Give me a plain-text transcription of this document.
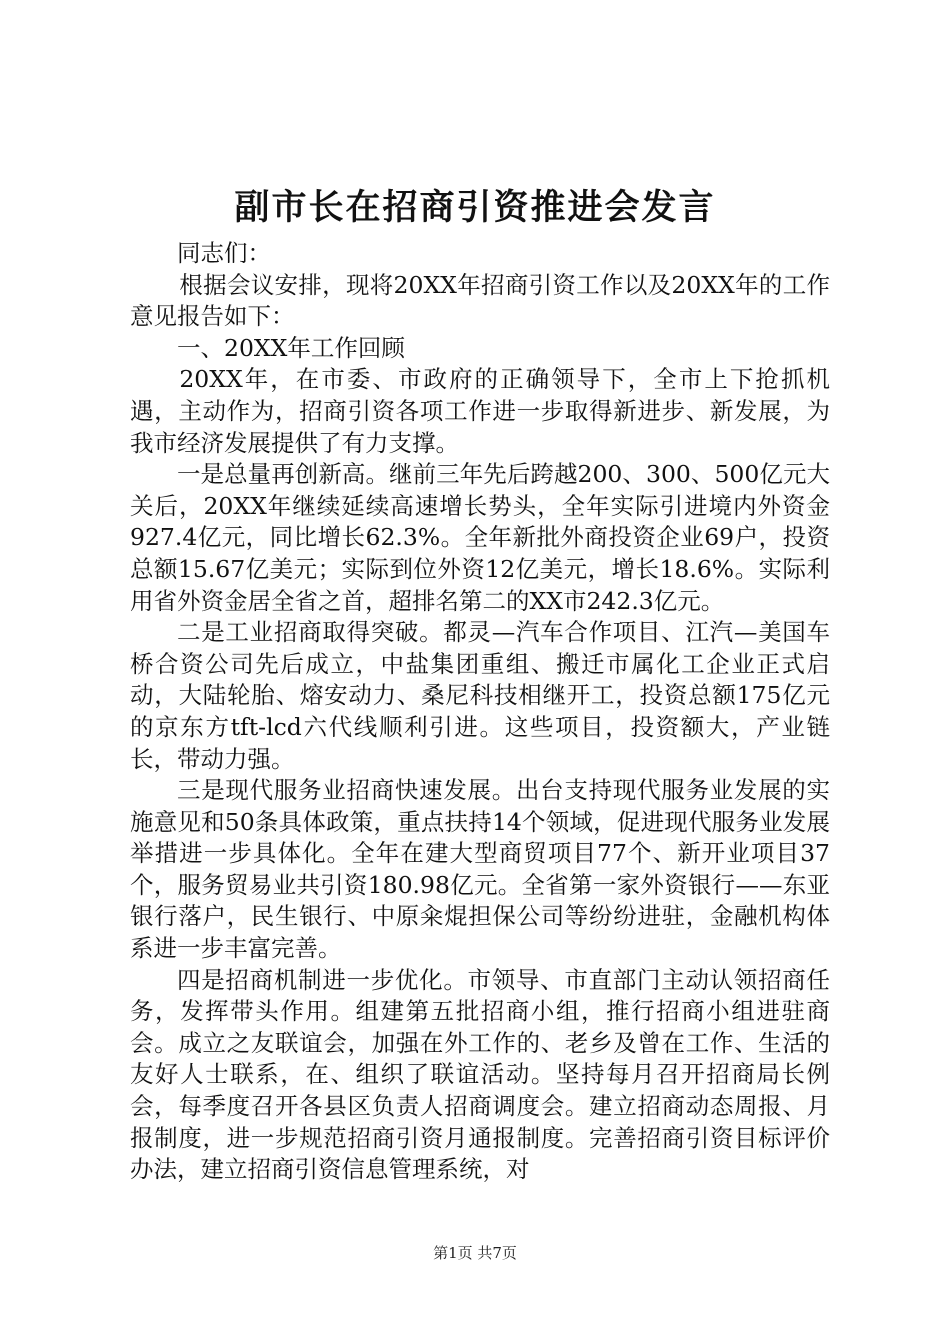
副市长在招商引资推进会发言

同志们：

根据会议安排，现将20XX年招商引资工作以及20XX年的工作意见报告如下：

一、20XX年工作回顾

20XX年，在市委、市政府的正确领导下，全市上下抢抓机遇，主动作为，招商引资各项工作进一步取得新进步、新发展，为我市经济发展提供了有力支撑。

一是总量再创新高。继前三年先后跨越200、300、500亿元大关后，20XX年继续延续高速增长势头，全年实际引进境内外资金927.4亿元，同比增长62.3%。全年新批外商投资企业69户，投资总额15.67亿美元；实际到位外资12亿美元，增长18.6%。实际利用省外资金居全省之首，超排名第二的XX市242.3亿元。

二是工业招商取得突破。都灵—汽车合作项目、江汽—美国车桥合资公司先后成立，中盐集团重组、搬迁市属化工企业正式启动，大陆轮胎、熔安动力、桑尼科技相继开工，投资总额175亿元的京东方tft-lcd六代线顺利引进。这些项目，投资额大，产业链长，带动力强。

三是现代服务业招商快速发展。出台支持现代服务业发展的实施意见和50条具体政策，重点扶持14个领域，促进现代服务业发展举措进一步具体化。全年在建大型商贸项目77个、新开业项目37个，服务贸易业共引资180.98亿元。全省第一家外资银行——东亚银行落户，民生银行、中原籴焜担保公司等纷纷进驻，金融机构体系进一步丰富完善。

四是招商机制进一步优化。市领导、市直部门主动认领招商任务，发挥带头作用。组建第五批招商小组，推行招商小组进驻商会。成立之友联谊会，加强在外工作的、老乡及曾在工作、生活的友好人士联系，在、组织了联谊活动。坚持每月召开招商局长例会，每季度召开各县区负责人招商调度会。建立招商动态周报、月报制度，进一步规范招商引资月通报制度。完善招商引资目标评价办法，建立招商引资信息管理系统，对

第1页 共7页
